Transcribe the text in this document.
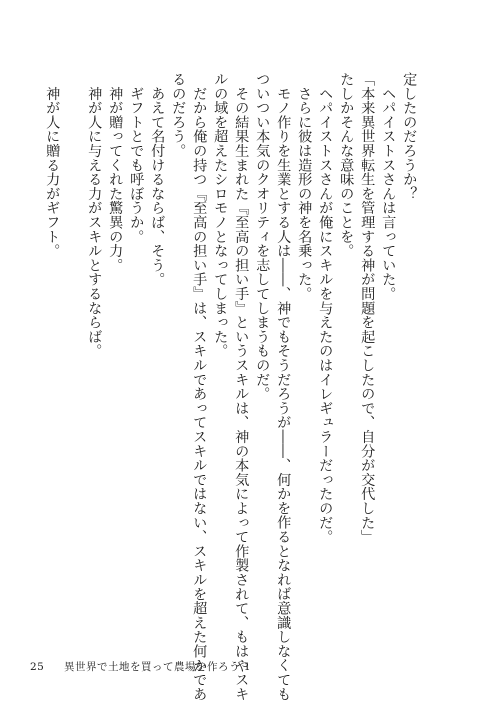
定したのだろうか？
　ヘパイストスさんは言っていた。
「本来異世界転生を管理する神が問題を起こしたので、自分が交代した」
たしかそんな意味のことを。
　ヘパイストスさんが俺にスキルを与えたのはイレギュラーだったのだ。
　さらに彼は造形の神を名乗った。
　モノ作りを生業とする人は――、神でもそうだろうが――、何かを作るとなれば意識しなくても
ついつい本気のクオリティを志してしまうものだ。
　その結果生まれた『至高の担い手』というスキルは、神の本気によって作製されて、もはやスキ
ルの域を超えたシロモノとなってしまった。
　だから俺の持つ『至高の担い手』は、スキルであってスキルではない、スキルを超えた何かであ
るのだろう。
　あえて名付けるならば、そう。
　ギフトとでも呼ぼうか。
　神が贈ってくれた驚異の力。
　神が人に与える力がスキルとするならば。
　神が人に贈る力がギフト。
25 異世界で土地を買って農場を作ろう 1
